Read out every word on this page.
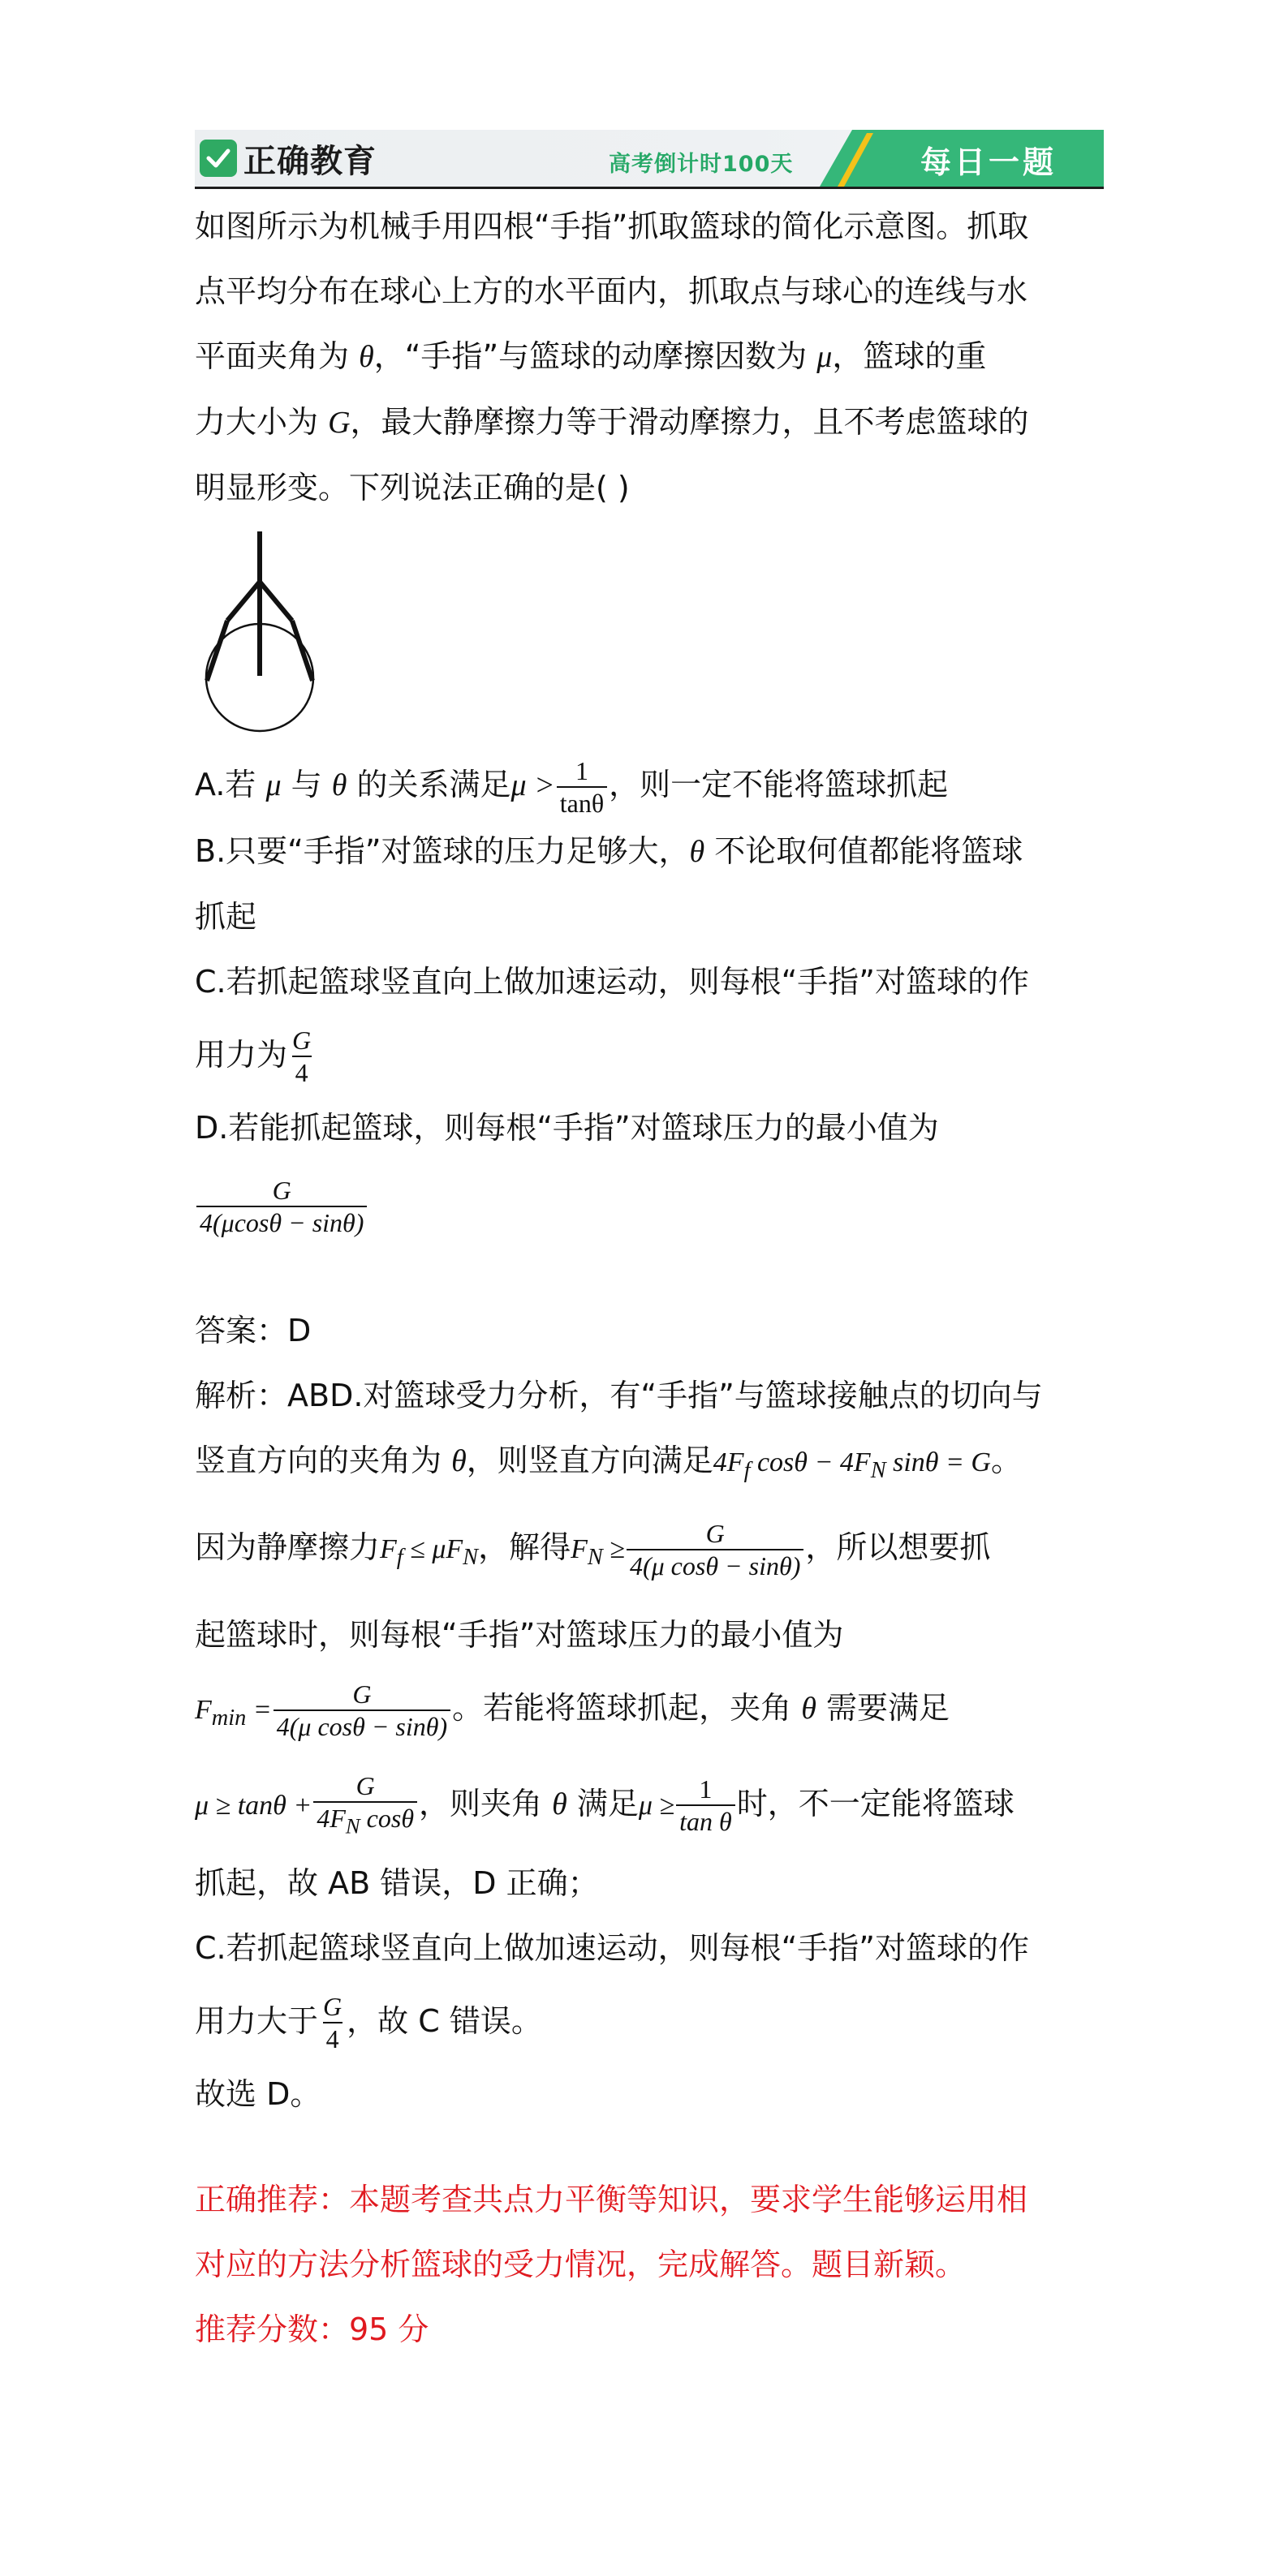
正确教育	高考倒计时100天	每日一题

如图所示为机械手用四根“手指”抓取篮球的简化示意图。抓取

点平均分布在球心上方的水平面内，抓取点与球心的连线与水

平面夹角为 θ，“手指”与篮球的动摩擦因数为 μ，篮球的重

力大小为 G，最大静摩擦力等于滑动摩擦力，且不考虑篮球的

明显形变。下列说法正确的是( )

A.若 μ 与 θ 的关系满足$\mu > \frac{1}{\tan\theta}$ ，则一定不能将篮球抓起

B.只要“手指”对篮球的压力足够大，θ 不论取何值都能将篮球

抓起

C.若抓起篮球竖直向上做加速运动，则每根“手指”对篮球的作

用力为 $\frac{G}{4}$

D.若能抓起篮球，则每根“手指”对篮球压力的最小值为

$\frac{G}{4(\mu\cos\theta - \sin\theta)}$

答案：D

解析：ABD.对篮球受力分析，有“手指”与篮球接触点的切向与

竖直方向的夹角为 θ，则竖直方向满足$4F_f$ $\cos\theta - 4F_N$ sinθ = G。

因为静摩擦力$F_f \le \mu F_N$，解得$F_N \ge \frac{G}{\text{4(μ cosθ − sinθ)}}$ ，所以想要抓

起篮球时，则每根“手指”对篮球压力的最小值为

$F_{min} = \frac{G}{\text{4(μ cosθ − sinθ)}}$ 。若能将篮球抓起，夹角 θ 需要满足

$\mu \ge \tan\theta + \frac{G}{4F_N \cos\theta}$ ，则夹角 θ 满足$\mu \ge \frac{1}{\text{tan θ}}$ 时，不一定能将篮球

抓起，故 AB 错误，D 正确；

C.若抓起篮球竖直向上做加速运动，则每根“手指”对篮球的作

用力大于 $\frac{G}{4}$ ，故 C 错误。

故选 D。

正确推荐：本题考查共点力平衡等知识，要求学生能够运用相

对应的方法分析篮球的受力情况，完成解答。题目新颖。

推荐分数：95 分
